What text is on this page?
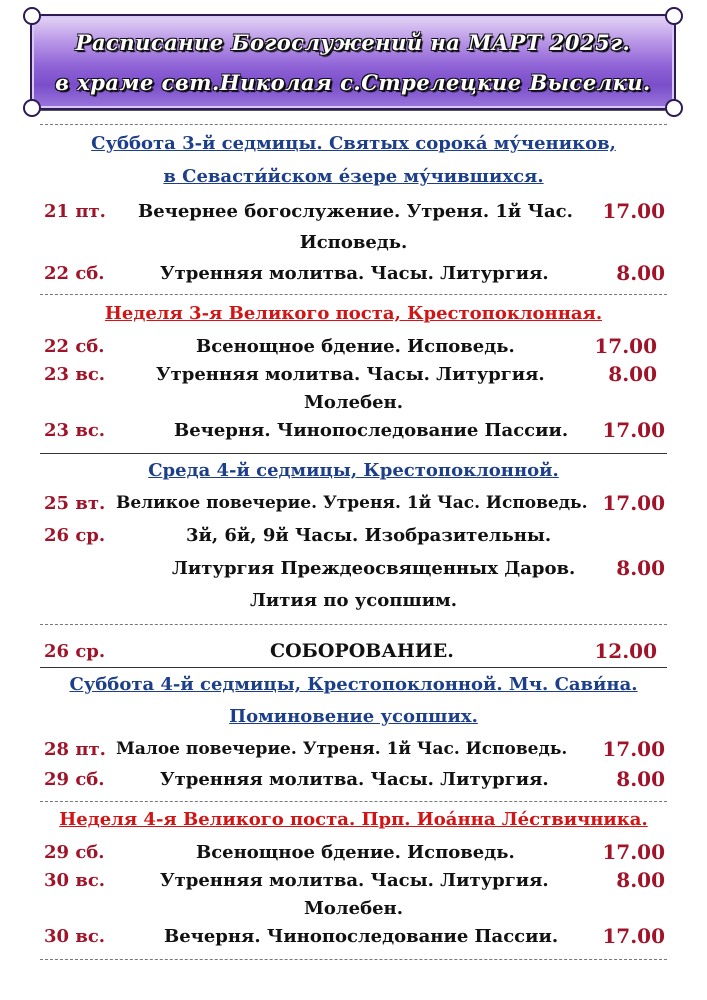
Расписание Богослужений на МАРТ 2025г.
в храме свт.Николая с.Стрелецкие Выселки.
Суббота 3-й седмицы. Святых сорока́ му́чеников,
в Севасти́йском е́зере му́чившихся.
21 пт. Вечернее богослужение. Утреня. 1й Час. 17.00
Исповедь.
22 сб.	Утренняя молитва. Часы. Литургия.	8.00
Неделя 3-я Великого поста, Крестопоклонная.
22 сб.	Всенощное бдение. Исповедь.	17.00
23 вс.	Утренняя молитва. Часы. Литургия.	8.00
Молебен.
23 вс.	Вечерня. Чинопоследование Пассии. 17.00
Среда 4-й седмицы, Крестопоклонной.
25 вт. Великое повечерие. Утреня. 1й Час. Исповедь. 17.00
26 ср.	3й, 6й, 9й Часы. Изобразительны.
Литургия Преждеосвященных Даров. 8.00
Лития по усопшим.
26 ср.	СОБОРОВАНИЕ.	12.00
Суббота 4-й седмицы, Крестопоклонной. Мч. Сави́на.
Поминовение усопших.
28 пт. Малое повечерие. Утреня. 1й Час. Исповедь. 17.00
29 сб.	Утренняя молитва. Часы. Литургия.	8.00
Неделя 4-я Великого поста. Прп. Иоа́нна Ле́ствичника.
29 сб.	Всенощное бдение. Исповедь.	17.00
30 вс.	Утренняя молитва. Часы. Литургия.	8.00
Молебен.
30 вс.	Вечерня. Чинопоследование Пассии. 17.00
